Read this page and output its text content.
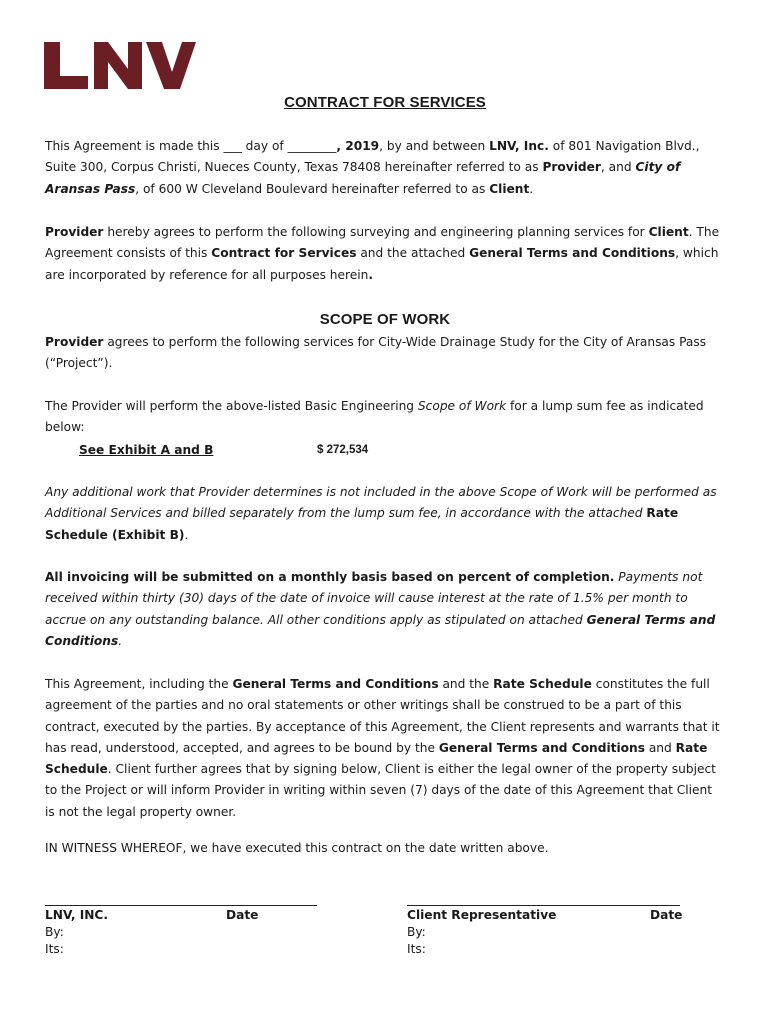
CONTRACT FOR SERVICES

This Agreement is made this ___ day of ________, 2019, by and between LNV, Inc. of 801 Navigation Blvd., Suite 300, Corpus Christi, Nueces County, Texas 78408 hereinafter referred to as Provider, and City of Aransas Pass, of 600 W Cleveland Boulevard hereinafter referred to as Client.

Provider hereby agrees to perform the following surveying and engineering planning services for Client. The Agreement consists of this Contract for Services and the attached General Terms and Conditions, which are incorporated by reference for all purposes herein.

SCOPE OF WORK

Provider agrees to perform the following services for City-Wide Drainage Study for the City of Aransas Pass (“Project”).

The Provider will perform the above-listed Basic Engineering Scope of Work for a lump sum fee as indicated below:

See Exhibit A and B	$ 272,534

Any additional work that Provider determines is not included in the above Scope of Work will be performed as Additional Services and billed separately from the lump sum fee, in accordance with the attached Rate Schedule (Exhibit B).

All invoicing will be submitted on a monthly basis based on percent of completion. Payments not received within thirty (30) days of the date of invoice will cause interest at the rate of 1.5% per month to accrue on any outstanding balance. All other conditions apply as stipulated on attached General Terms and Conditions.

This Agreement, including the General Terms and Conditions and the Rate Schedule constitutes the full agreement of the parties and no oral statements or other writings shall be construed to be a part of this contract, executed by the parties. By acceptance of this Agreement, the Client represents and warrants that it has read, understood, accepted, and agrees to be bound by the General Terms and Conditions and Rate Schedule. Client further agrees that by signing below, Client is either the legal owner of the property subject to the Project or will inform Provider in writing within seven (7) days of the date of this Agreement that Client is not the legal property owner.

IN WITNESS WHEREOF, we have executed this contract on the date written above.

LNV, INC.
By:
Its:
Date	Client Representative
By:
Its:
Date
